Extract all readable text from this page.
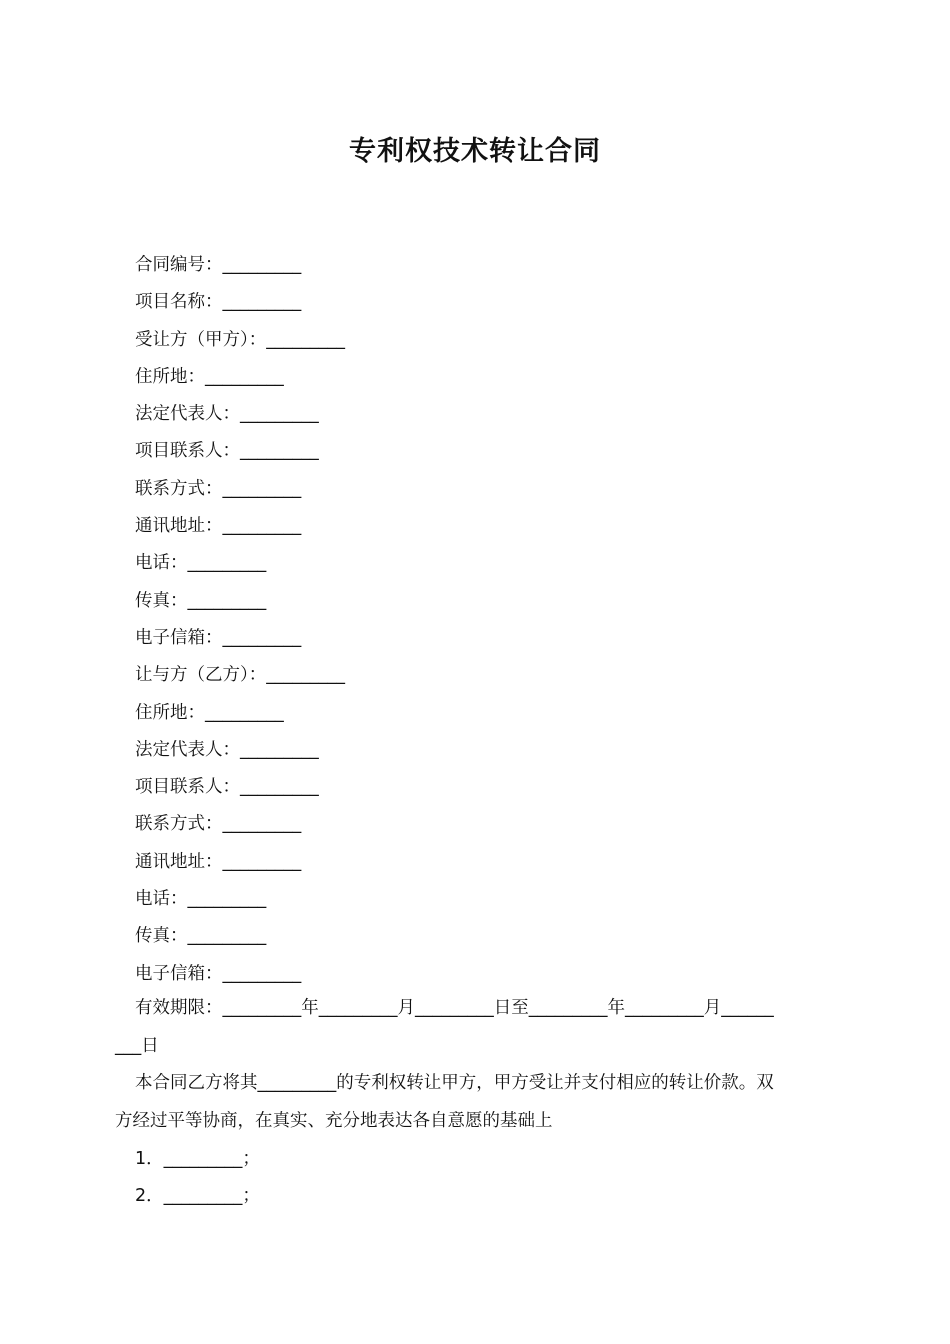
专利权技术转让合同
合同编号：_________
项目名称：_________
受让方（甲方）：_________
住所地：_________
法定代表人：_________
项目联系人：_________
联系方式：_________
通讯地址：_________
电话：_________
传真：_________
电子信箱：_________
让与方（乙方）：_________
住所地：_________
法定代表人：_________
项目联系人：_________
联系方式：_________
通讯地址：_________
电话：_________
传真：_________
电子信箱：_________
有效期限：_________年_________月_________日至_________年_________月______
___日
本合同乙方将其_________的专利权转让甲方，甲方受让并支付相应的转让价款。双
方经过平等协商，在真实、充分地表达各自意愿的基础上
1．_________；
2．_________；
